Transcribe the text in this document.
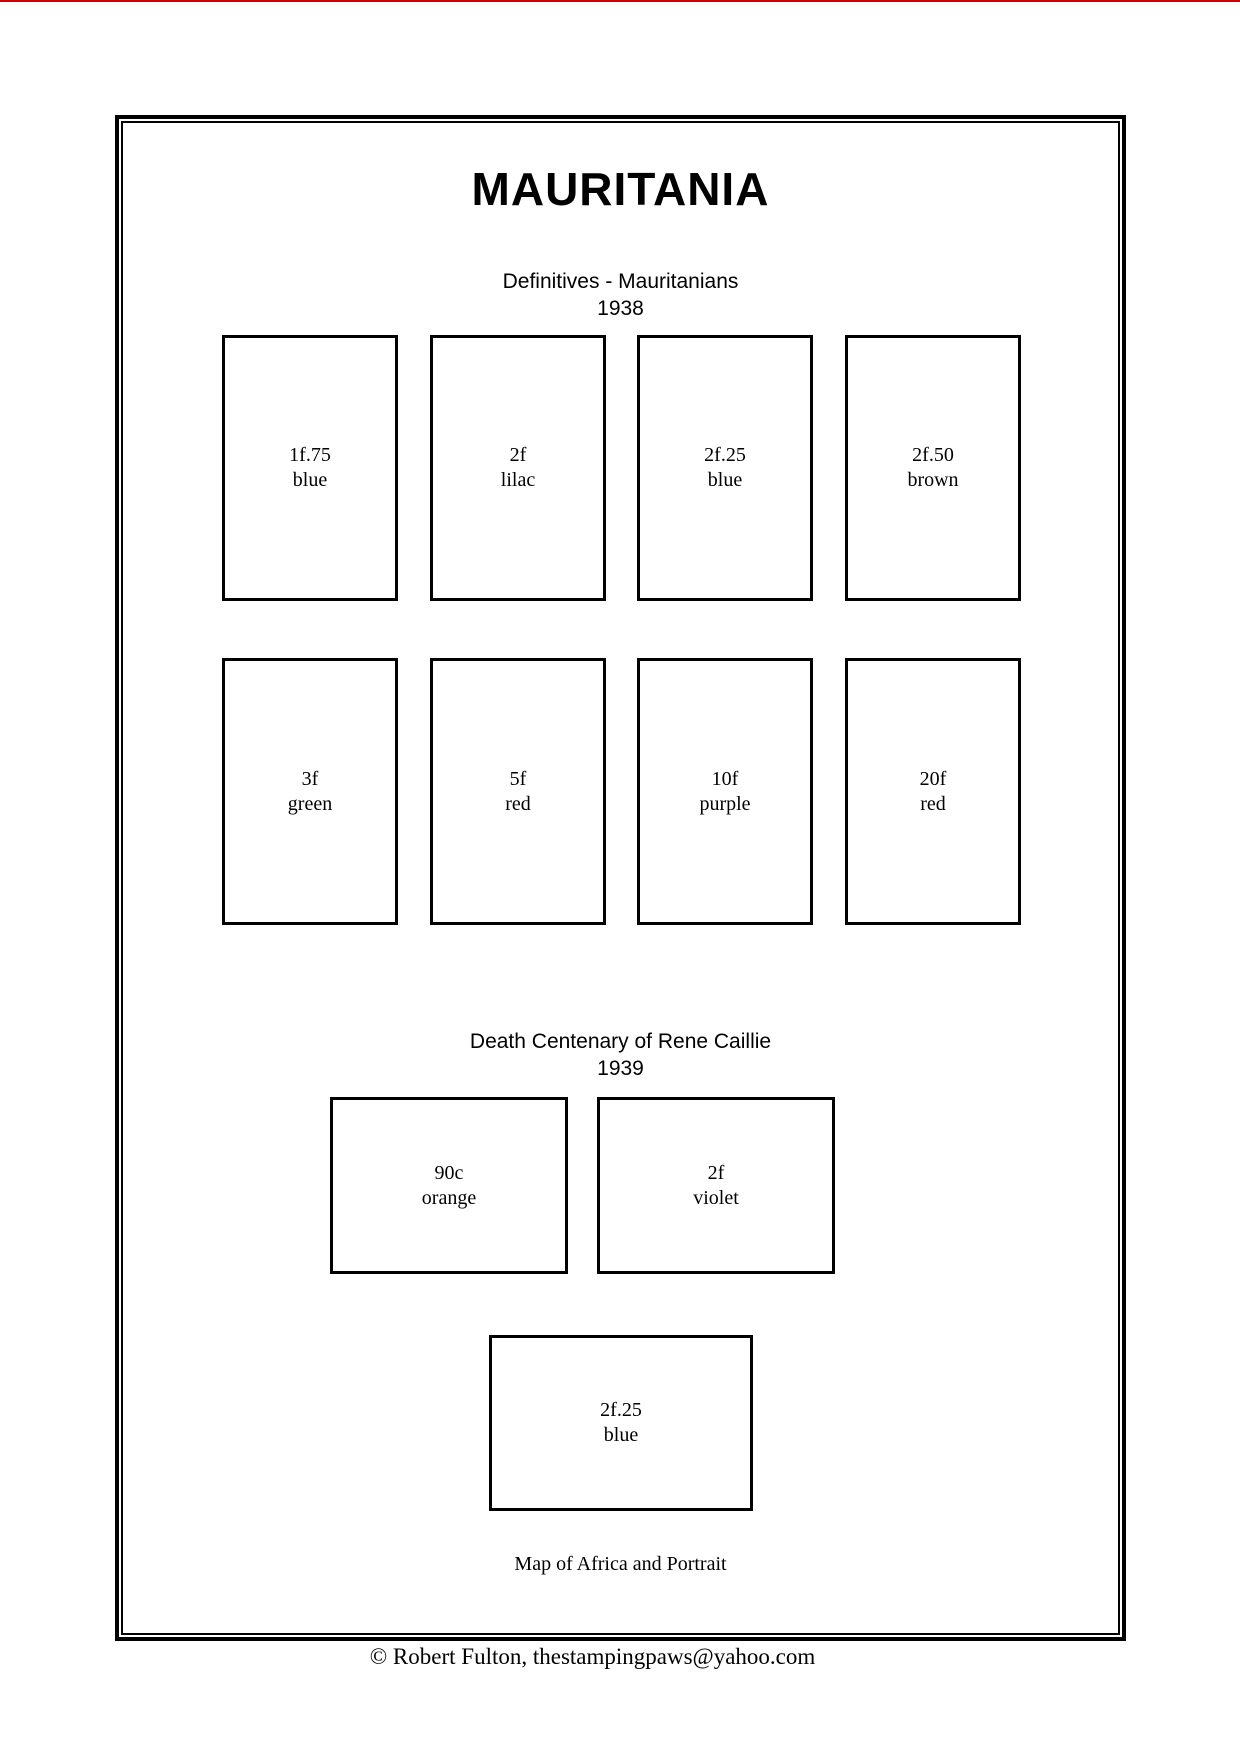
MAURITANIA
Definitives - Mauritanians
1938
1f.75
blue
2f
lilac
2f.25
blue
2f.50
brown
3f
green
5f
red
10f
purple
20f
red
Death Centenary of Rene Caillie
1939
90c
orange
2f
violet
2f.25
blue
Map of Africa and Portrait
© Robert Fulton, thestampingpaws@yahoo.com
